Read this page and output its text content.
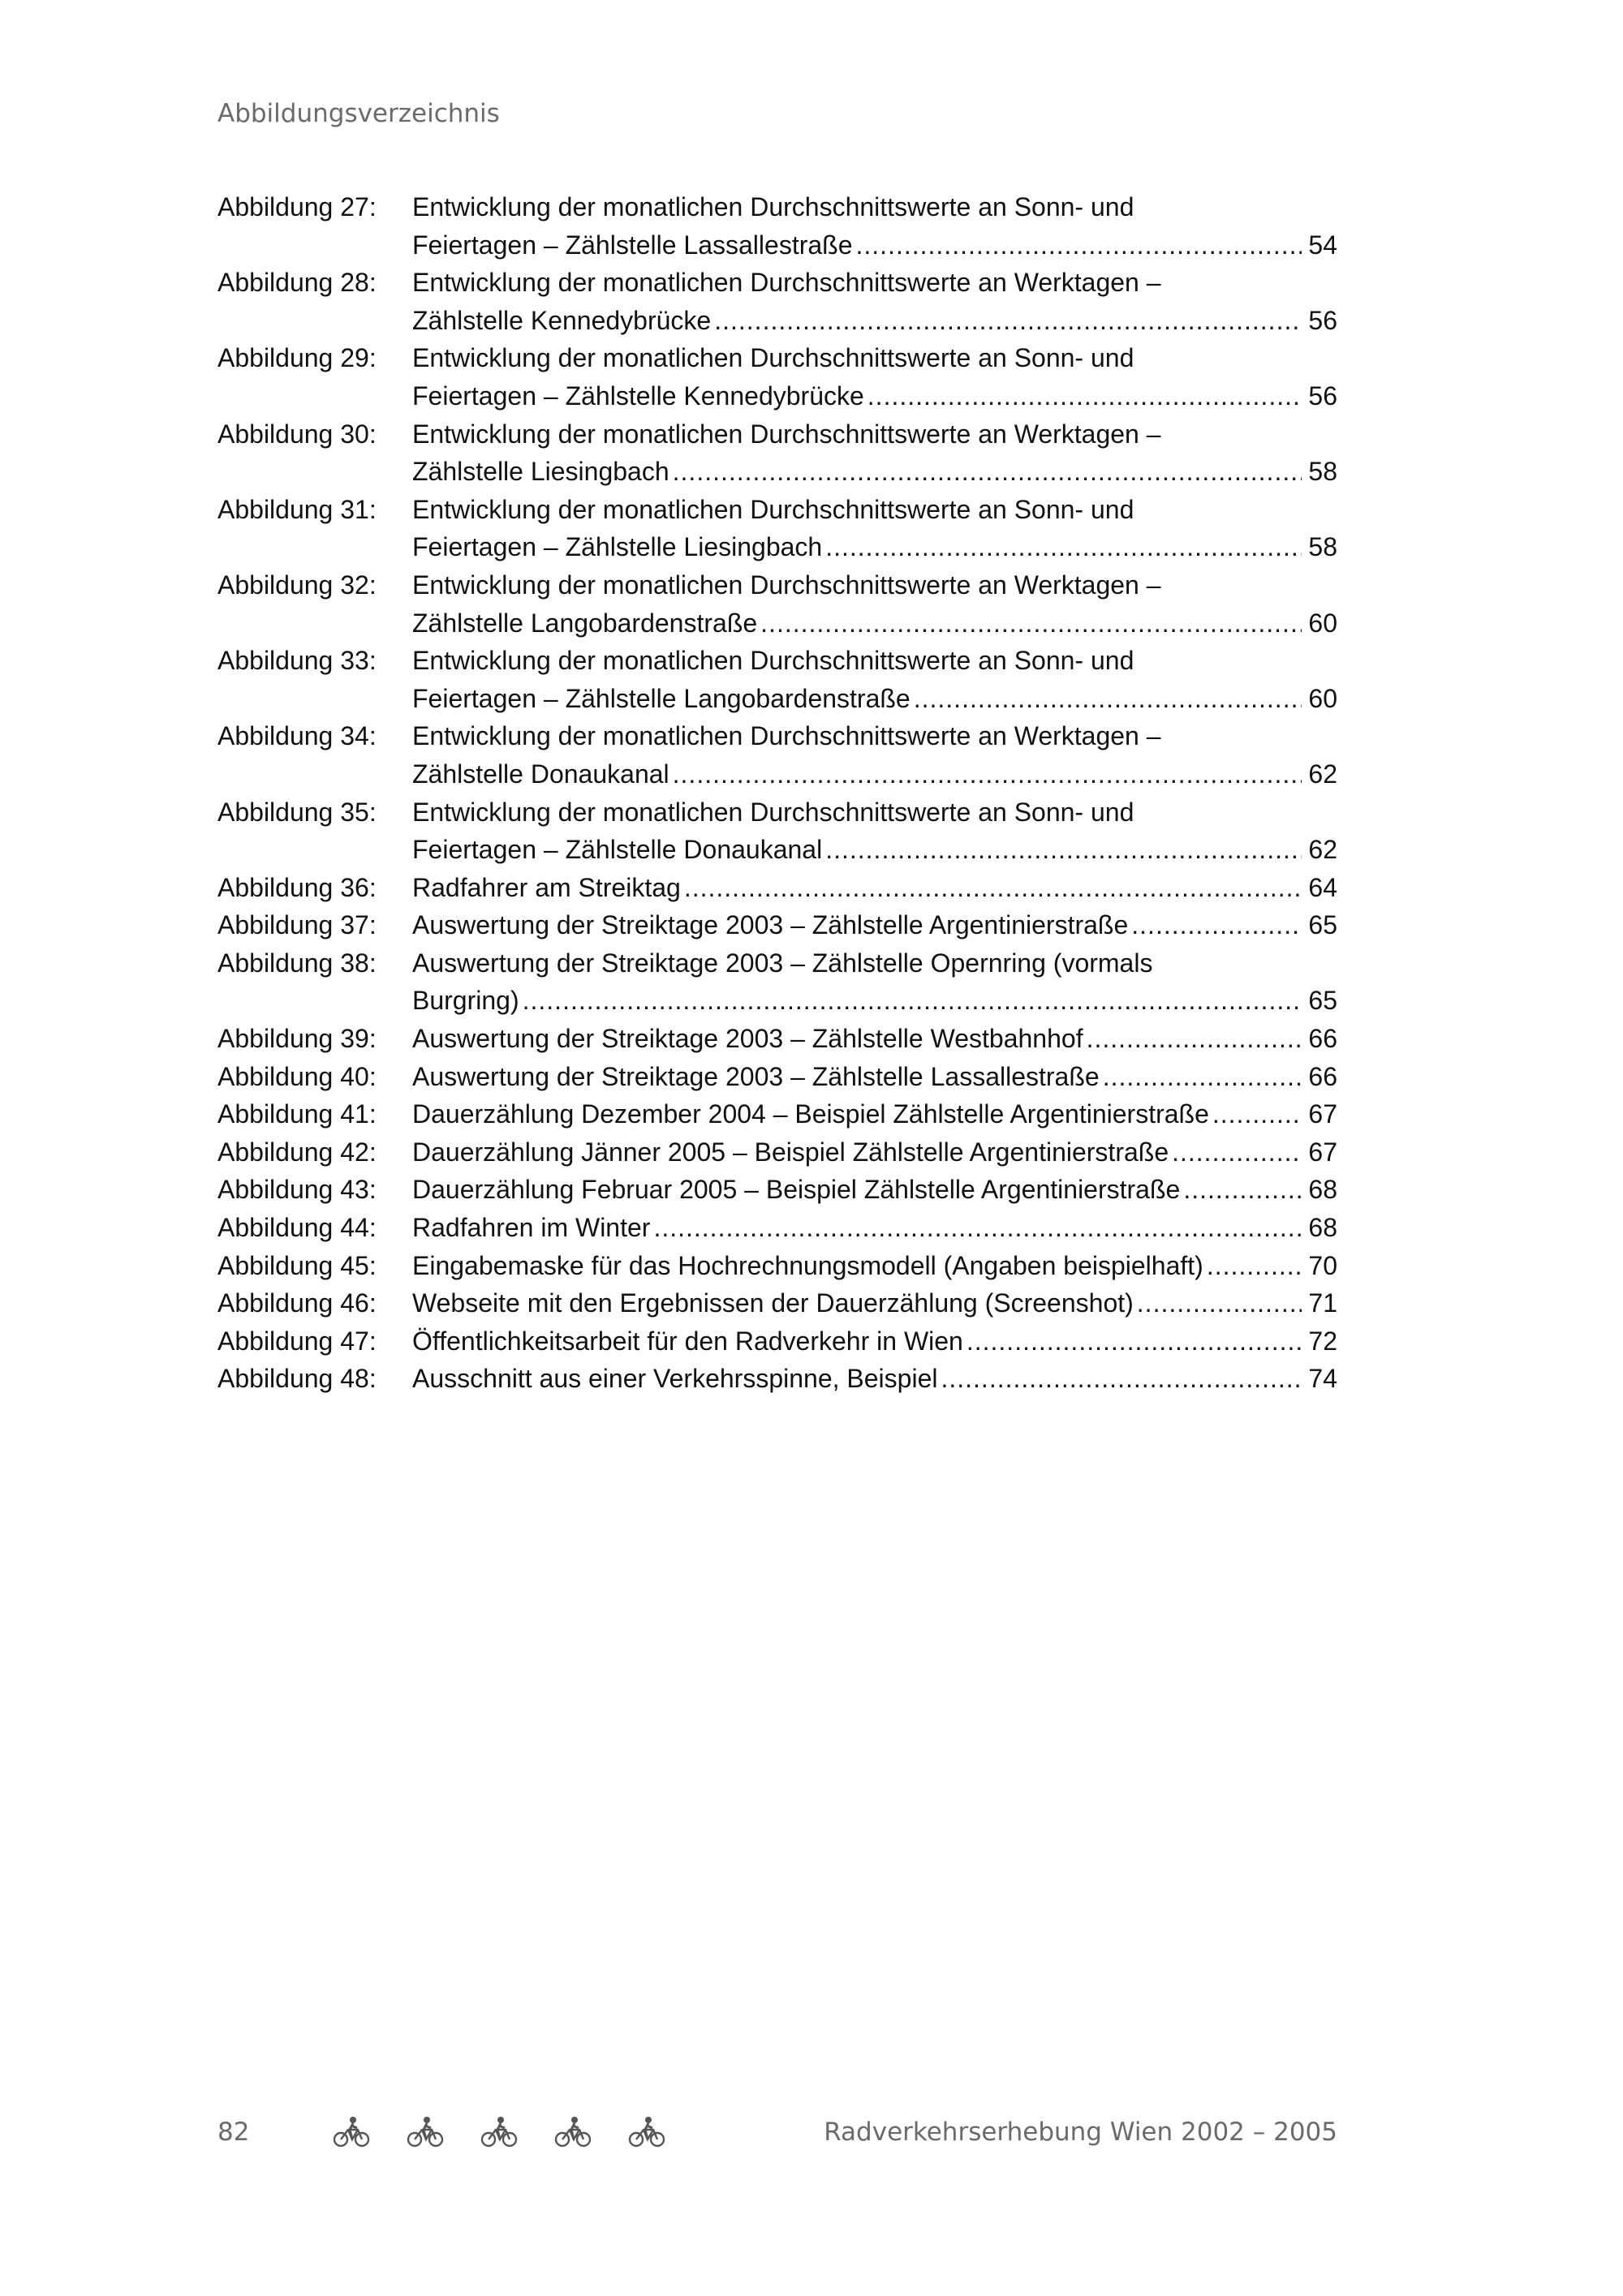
Abbildungsverzeichnis
Abbildung 27:	Entwicklung der monatlichen Durchschnittswerte an Sonn- und
Feiertagen – Zählstelle Lassallestraße .....	54
Abbildung 28:	Entwicklung der monatlichen Durchschnittswerte an Werktagen –
Zählstelle Kennedybrücke .....	56
Abbildung 29:	Entwicklung der monatlichen Durchschnittswerte an Sonn- und
Feiertagen – Zählstelle Kennedybrücke .....	56
Abbildung 30:	Entwicklung der monatlichen Durchschnittswerte an Werktagen –
Zählstelle Liesingbach .....	58
Abbildung 31:	Entwicklung der monatlichen Durchschnittswerte an Sonn- und
Feiertagen – Zählstelle Liesingbach .....	58
Abbildung 32:	Entwicklung der monatlichen Durchschnittswerte an Werktagen –
Zählstelle Langobardenstraße .....	60
Abbildung 33:	Entwicklung der monatlichen Durchschnittswerte an Sonn- und
Feiertagen – Zählstelle Langobardenstraße .....	60
Abbildung 34:	Entwicklung der monatlichen Durchschnittswerte an Werktagen –
Zählstelle Donaukanal .....	62
Abbildung 35:	Entwicklung der monatlichen Durchschnittswerte an Sonn- und
Feiertagen – Zählstelle Donaukanal .....	62
Abbildung 36:	Radfahrer am Streiktag .....	64
Abbildung 37:	Auswertung der Streiktage 2003 – Zählstelle Argentinierstraße .....	65
Abbildung 38:	Auswertung der Streiktage 2003 – Zählstelle Opernring (vormals
Burgring) .....	65
Abbildung 39:	Auswertung der Streiktage 2003 – Zählstelle Westbahnhof .....	66
Abbildung 40:	Auswertung der Streiktage 2003 – Zählstelle Lassallestraße .....	66
Abbildung 41:	Dauerzählung Dezember 2004 – Beispiel Zählstelle Argentinierstraße .....	67
Abbildung 42:	Dauerzählung Jänner 2005 – Beispiel Zählstelle Argentinierstraße .....	67
Abbildung 43:	Dauerzählung Februar 2005 – Beispiel Zählstelle Argentinierstraße .....	68
Abbildung 44:	Radfahren im Winter .....	68
Abbildung 45:	Eingabemaske für das Hochrechnungsmodell (Angaben beispielhaft) .....	70
Abbildung 46:	Webseite mit den Ergebnissen der Dauerzählung (Screenshot) .....	71
Abbildung 47:	Öffentlichkeitsarbeit für den Radverkehr in Wien .....	72
Abbildung 48:	Ausschnitt aus einer Verkehrsspinne, Beispiel .....	74
82	Radverkehrserhebung Wien 2002 – 2005
